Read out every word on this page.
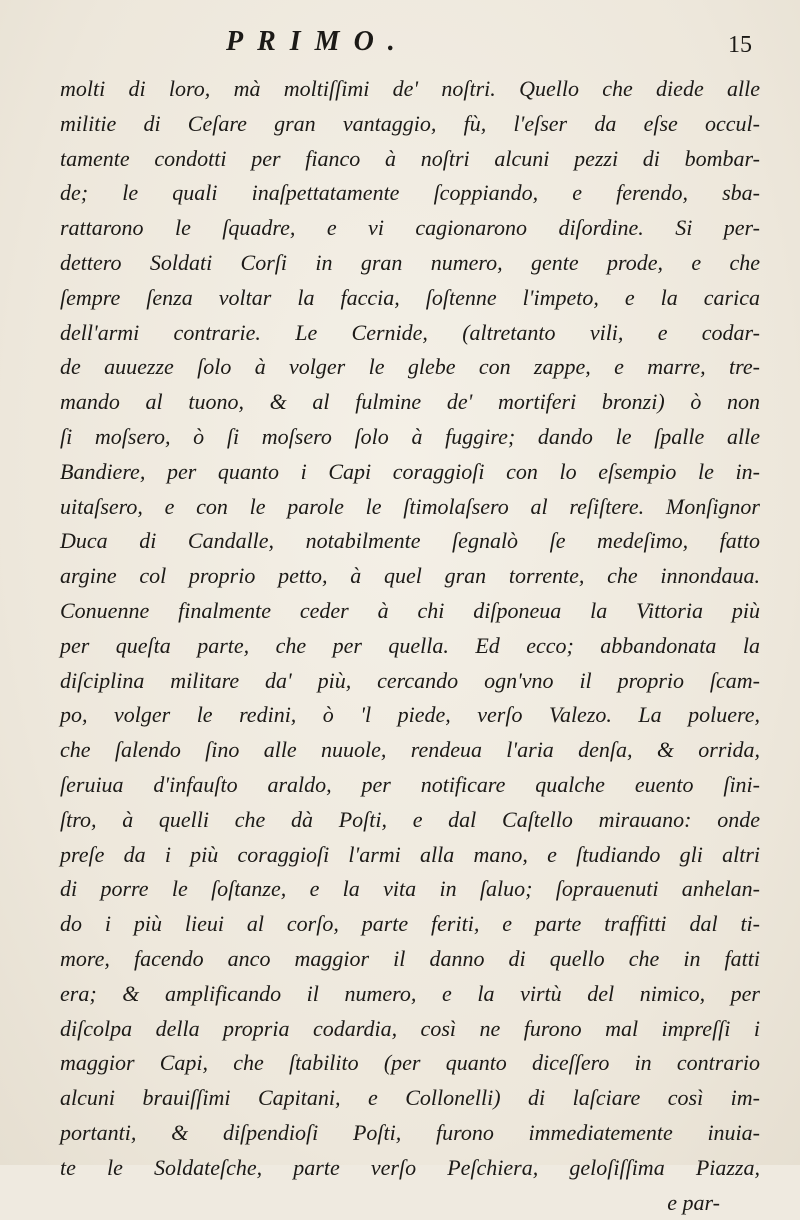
PRIMO.	15
molti di loro, mà moltiſſimi de' noſtri. Quello che diede alle
militie di Ceſare gran vantaggio, fù, l'eſser da eſse occul-
tamente condotti per fianco à noſtri alcuni pezzi di bombar-
de; le quali inaſpettatamente ſcoppiando, e ferendo, sba-
rattarono le ſquadre, e vi cagionarono diſordine. Si per-
dettero Soldati Corſi in gran numero, gente prode, e che
ſempre ſenza voltar la faccia, ſoſtenne l'impeto, e la carica
dell'armi contrarie. Le Cernide, (altretanto vili, e codar-
de auuezze ſolo à volger le glebe con zappe, e marre, tre-
mando al tuono, & al fulmine de' mortiferi bronzi) ò non
ſi moſsero, ò ſi moſsero ſolo à fuggire; dando le ſpalle alle
Bandiere, per quanto i Capi coraggioſi con lo eſsempio le in-
uitaſsero, e con le parole le ſtimolaſsero al reſiſtere. Monſignor
Duca di Candalle, notabilmente ſegnalò ſe medeſimo, fatto
argine col proprio petto, à quel gran torrente, che innondaua.
Conuenne finalmente ceder à chi diſponeua la Vittoria più
per queſta parte, che per quella. Ed ecco; abbandonata la
diſciplina militare da' più, cercando ogn'vno il proprio ſcam-
po, volger le redini, ò 'l piede, verſo Valezo. La poluere,
che ſalendo ſino alle nuuole, rendeua l'aria denſa, & orrida,
ſeruiua d'infauſto araldo, per notificare qualche euento ſini-
ſtro, à quelli che dà Poſti, e dal Caſtello mirauano: onde
preſe da i più coraggioſi l'armi alla mano, e ſtudiando gli altri
di porre le ſoſtanze, e la vita in ſaluo; ſoprauenuti anhelan-
do i più lieui al corſo, parte feriti, e parte traffitti dal ti-
more, facendo anco maggior il danno di quello che in fatti
era; & amplificando il numero, e la virtù del nimico, per
diſcolpa della propria codardia, così ne furono mal impreſſi i
maggior Capi, che ſtabilito (per quanto diceſſero in contrario
alcuni brauiſſimi Capitani, e Collonelli) di laſciare così im-
portanti, & diſpendioſi Poſti, furono immediatemente inuia-
te le Soldateſche, parte verſo Peſchiera, geloſiſſima Piazza,
e par-
